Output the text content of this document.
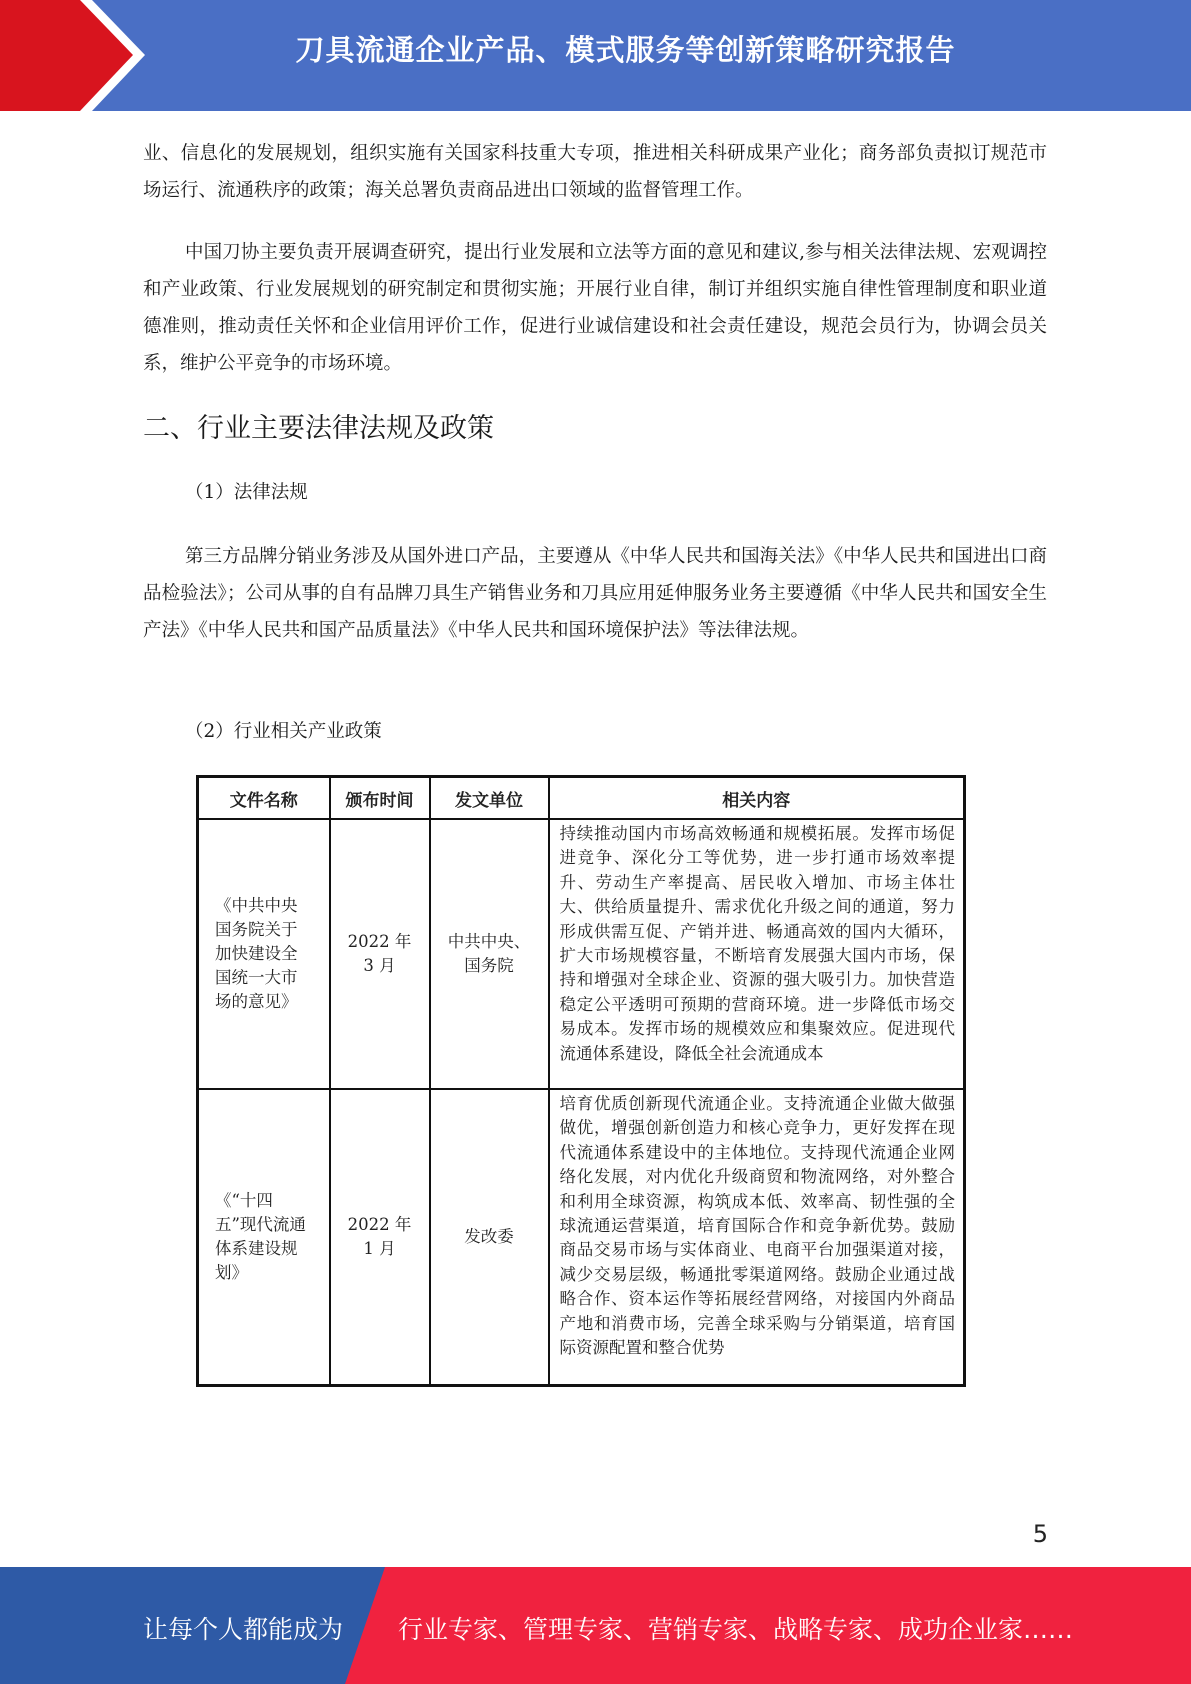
刀具流通企业产品、模式服务等创新策略研究报告

业、信息化的发展规划，组织实施有关国家科技重大专项，推进相关科研成果产业化；商务部负责拟订规范市场运行、流通秩序的政策；海关总署负责商品进出口领域的监督管理工作。

中国刀协主要负责开展调查研究，提出行业发展和立法等方面的意见和建议,参与相关法律法规、宏观调控和产业政策、行业发展规划的研究制定和贯彻实施；开展行业自律，制订并组织实施自律性管理制度和职业道德准则，推动责任关怀和企业信用评价工作，促进行业诚信建设和社会责任建设，规范会员行为，协调会员关系，维护公平竞争的市场环境。

二、行业主要法律法规及政策
（1）法律法规

第三方品牌分销业务涉及从国外进口产品，主要遵从《中华人民共和国海关法》《中华人民共和国进出口商品检验法》；公司从事的自有品牌刀具生产销售业务和刀具应用延伸服务业务主要遵循《中华人民共和国安全生产法》《中华人民共和国产品质量法》《中华人民共和国环境保护法》等法律法规。

（2）行业相关产业政策
文件名称	颁布时间	发文单位	相关内容
《中共中央国务院关于加快建设全国统一大市场的意见》	2022 年 3 月	中共中央、国务院	持续推动国内市场高效畅通和规模拓展。发挥市场促进竞争、深化分工等优势，进一步打通市场效率提升、劳动生产率提高、居民收入增加、市场主体壮大、供给质量提升、需求优化升级之间的通道，努力形成供需互促、产销并进、畅通高效的国内大循环，扩大市场规模容量，不断培育发展强大国内市场，保持和增强对全球企业、资源的强大吸引力。加快营造稳定公平透明可预期的营商环境。进一步降低市场交易成本。发挥市场的规模效应和集聚效应。促进现代流通体系建设，降低全社会流通成本
《“十四五”现代流通体系建设规划》	2022 年 1 月	发改委	培育优质创新现代流通企业。支持流通企业做大做强做优，增强创新创造力和核心竞争力，更好发挥在现代流通体系建设中的主体地位。支持现代流通企业网络化发展，对内优化升级商贸和物流网络，对外整合和利用全球资源，构筑成本低、效率高、韧性强的全球流通运营渠道，培育国际合作和竞争新优势。鼓励商品交易市场与实体商业、电商平台加强渠道对接，减少交易层级，畅通批零渠道网络。鼓励企业通过战略合作、资本运作等拓展经营网络，对接国内外商品产地和消费市场，完善全球采购与分销渠道，培育国际资源配置和整合优势
5
让每个人都能成为 行业专家、管理专家、营销专家、战略专家、成功企业家……
